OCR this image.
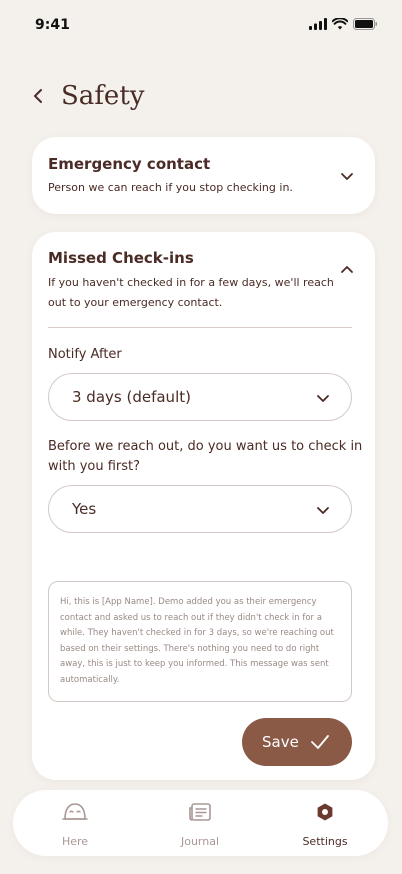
9:41
Safety
Emergency contact
Person we can reach if you stop checking in.
Missed Check-ins
If you haven't checked in for a few days, we'll reach
out to your emergency contact.
Notify After
3 days (default)
Before we reach out, do you want us to check in
with you first?
Yes
Hi, this is [App Name]. Demo added you as their emergency contact and asked us to reach out if they didn't check in for a while. They haven't checked in for 3 days, so we're reaching out based on their settings. There's nothing you need to do right away, this is just to keep you informed. This message was sent automatically.
Save
Here	Journal	Settings
